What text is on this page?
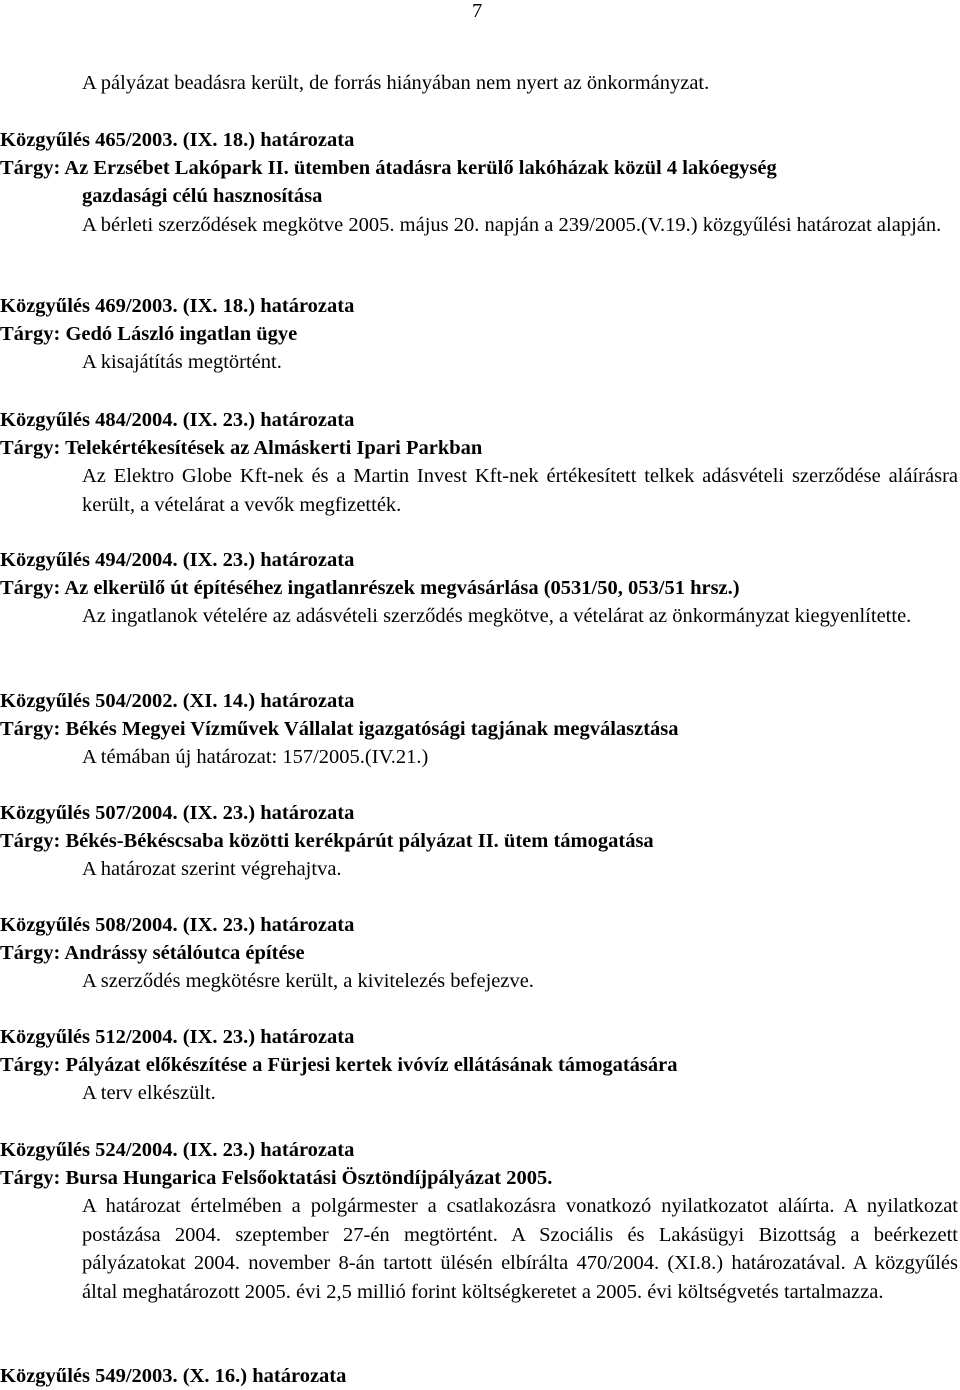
7

A pályázat beadásra került, de forrás hiányában nem nyert az önkormányzat.

Közgyűlés 465/2003. (IX. 18.) határozata

Tárgy: Az Erzsébet Lakópark II. ütemben átadásra kerülő lakóházak közül 4 lakóegység

gazdasági célú hasznosítása

A bérleti szerződések megkötve 2005. május 20. napján a 239/2005.(V.19.) közgyűlési határozat alapján.

Közgyűlés 469/2003. (IX. 18.) határozata

Tárgy: Gedó László ingatlan ügye

A kisajátítás megtörtént.

Közgyűlés 484/2004. (IX. 23.) határozata

Tárgy: Telekértékesítések az Almáskerti Ipari Parkban

Az Elektro Globe Kft-nek és a Martin Invest Kft-nek értékesített telkek adásvételi szerződése aláírásra került, a vételárat a vevők megfizették.

Közgyűlés 494/2004. (IX. 23.) határozata

Tárgy: Az elkerülő út építéséhez ingatlanrészek megvásárlása (0531/50, 053/51 hrsz.)

Az ingatlanok vételére az adásvételi szerződés megkötve, a vételárat az önkormányzat kiegyenlítette.

Közgyűlés 504/2002. (XI. 14.) határozata

Tárgy: Békés Megyei Vízművek Vállalat igazgatósági tagjának megválasztása

A témában új határozat: 157/2005.(IV.21.)

Közgyűlés 507/2004. (IX. 23.) határozata

Tárgy: Békés-Békéscsaba közötti kerékpárút pályázat II. ütem támogatása

A határozat szerint végrehajtva.

Közgyűlés 508/2004. (IX. 23.) határozata

Tárgy: Andrássy sétálóutca építése

A szerződés megkötésre került, a kivitelezés befejezve.

Közgyűlés 512/2004. (IX. 23.) határozata

Tárgy: Pályázat előkészítése a Fürjesi kertek ivóvíz ellátásának támogatására

A terv elkészült.

Közgyűlés 524/2004. (IX. 23.) határozata

Tárgy: Bursa Hungarica Felsőoktatási Ösztöndíjpályázat 2005.

A határozat értelmében a polgármester a csatlakozásra vonatkozó nyilatkozatot aláírta. A nyilatkozat postázása 2004. szeptember 27-én megtörtént. A Szociális és Lakásügyi Bizottság a beérkezett pályázatokat 2004. november 8-án tartott ülésén elbírálta 470/2004. (XI.8.) határozatával. A közgyűlés által meghatározott 2005. évi 2,5 millió forint költségkeretet a 2005. évi költségvetés tartalmazza.

Közgyűlés 549/2003. (X. 16.) határozata
